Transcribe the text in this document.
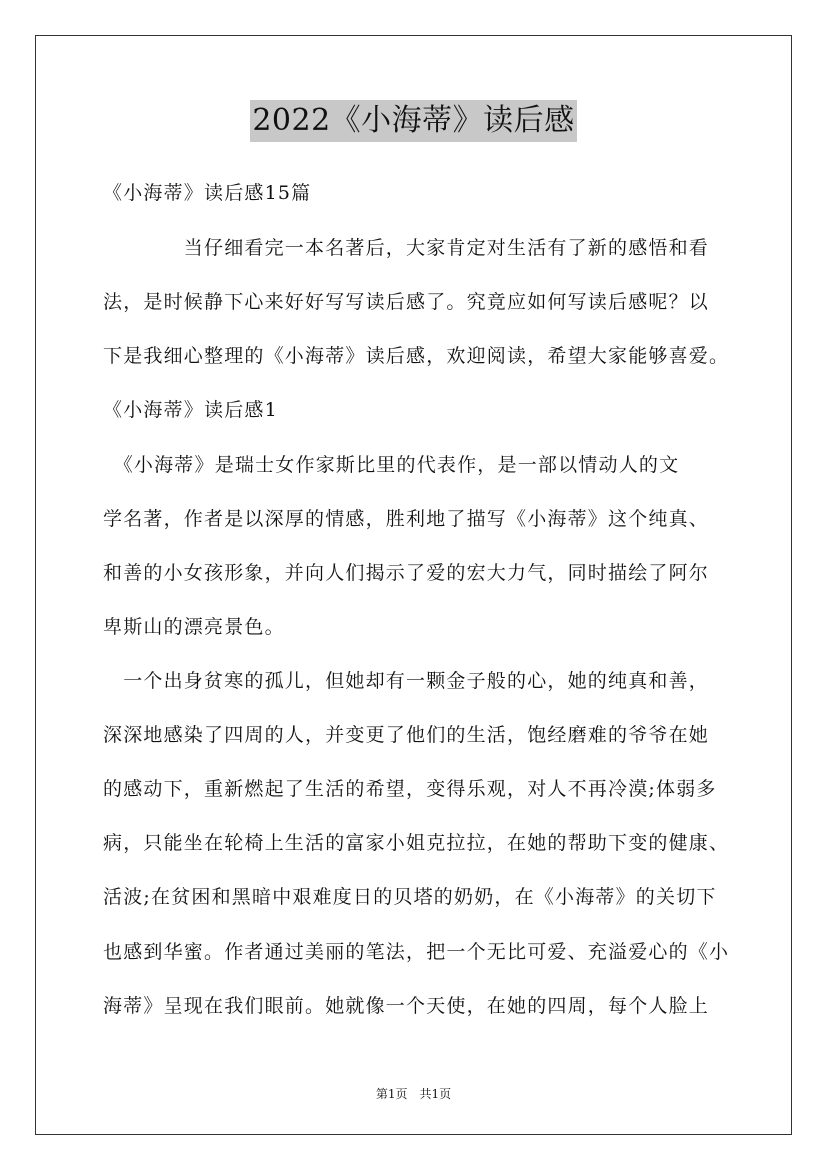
2022《小海蒂》读后感
《小海蒂》读后感15篇
　　　　当仔细看完一本名著后，大家肯定对生活有了新的感悟和看
法，是时候静下心来好好写写读后感了。究竟应如何写读后感呢？以
下是我细心整理的《小海蒂》读后感，欢迎阅读，希望大家能够喜爱。
《小海蒂》读后感1
　《小海蒂》是瑞士女作家斯比里的代表作，是一部以情动人的文
学名著，作者是以深厚的情感，胜利地了描写《小海蒂》这个纯真、
和善的小女孩形象，并向人们揭示了爱的宏大力气，同时描绘了阿尔
卑斯山的漂亮景色。
　一个出身贫寒的孤儿，但她却有一颗金子般的心，她的纯真和善，
深深地感染了四周的人，并变更了他们的生活，饱经磨难的爷爷在她
的感动下，重新燃起了生活的希望，变得乐观，对人不再冷漠;体弱多
病，只能坐在轮椅上生活的富家小姐克拉拉，在她的帮助下变的健康、
活波;在贫困和黑暗中艰难度日的贝塔的奶奶，在《小海蒂》的关切下
也感到华蜜。作者通过美丽的笔法，把一个无比可爱、充溢爱心的《小
海蒂》呈现在我们眼前。她就像一个天使，在她的四周，每个人脸上
第1页　共1页
